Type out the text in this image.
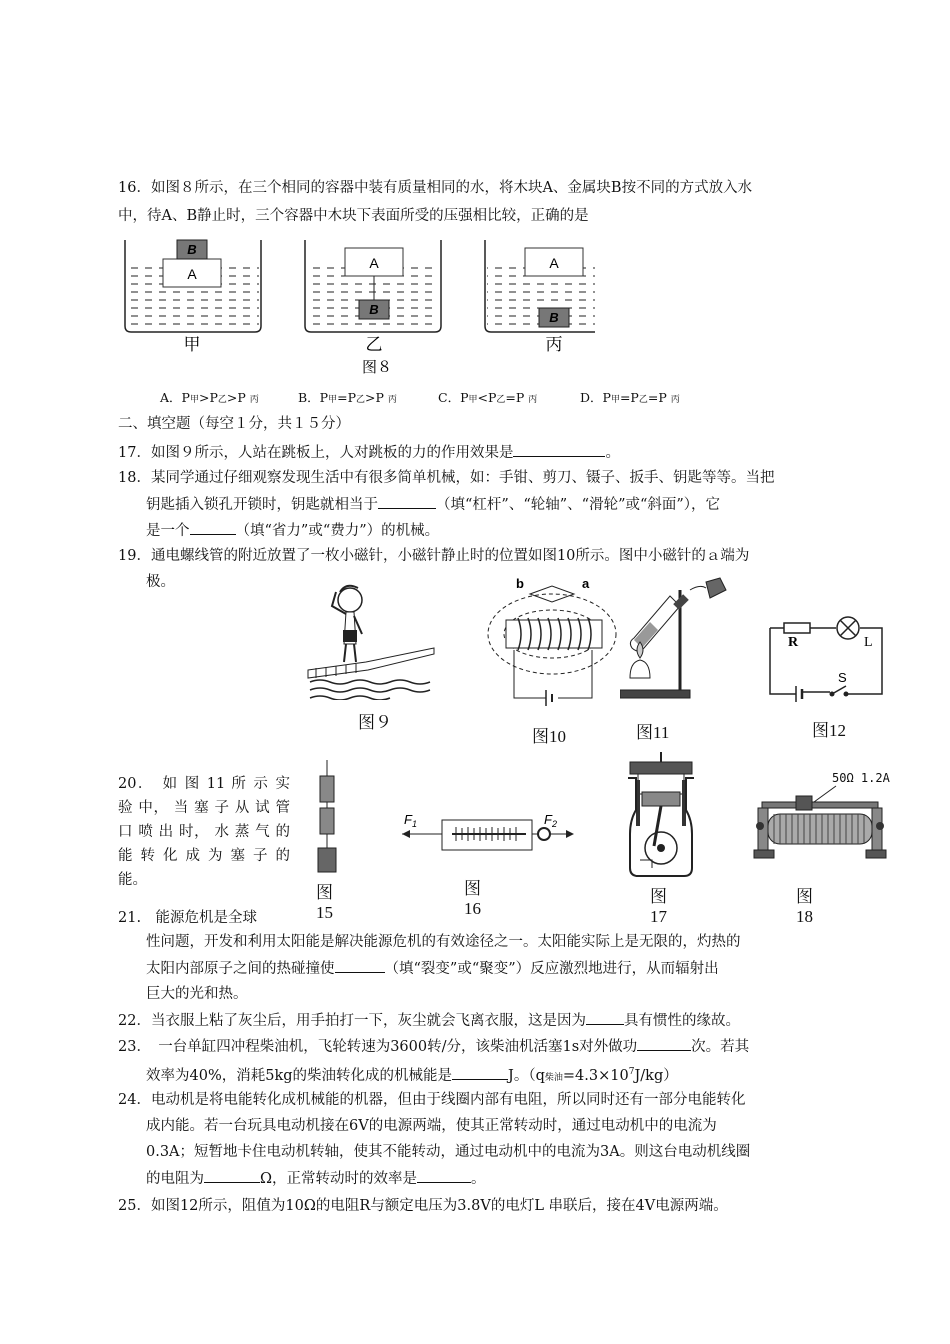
16．如图８所示，在三个相同的容器中装有质量相同的水，将木块A、金属块B按不同的方式放入水
中，待A、B静止时，三个容器中木块下表面所受的压强相比较，正确的是
A
B
A
B
A
B
甲	乙	丙
图８
A．P甲>P乙>P 丙	B．P甲=P乙>P 丙	C．P甲<P乙=P 丙	D．P甲=P乙=P 丙
二、填空题（每空１分，共１５分）
17．如图９所示，人站在跳板上，人对跳板的力的作用效果是	。
18．某同学通过仔细观察发现生活中有很多简单机械，如：手钳、剪刀、镊子、扳手、钥匙等等。当把
钥匙插入锁孔开锁时，钥匙就相当于	（填“杠杆”、“轮轴”、“滑轮”或“斜面”），它
是一个	（填“省力”或“费力”）的机械。
19．通电螺线管的附近放置了一枚小磁针，小磁针静止时的位置如图10所示。图中小磁针的ａ端为
极。
图９
b	a
图10	图11
R	L
S
图12
20．　如 图 11 所 示 实 验 中， 当 塞 子 从 试 管 口 喷 出 时， 水 蒸 气 的 能 转 化 成 为 塞 子 的 能。
图
15
$F_1$	$F_2$
图
16
图
17
50Ω 1.2A
图
18
21.　能源危机是全球
性问题，开发和利用太阳能是解决能源危机的有效途径之一。太阳能实际上是无限的，灼热的
太阳内部原子之间的热碰撞使	（填“裂变”或“聚变”）反应激烈地进行，从而辐射出
巨大的光和热。
22．当衣服上粘了灰尘后，用手拍打一下，灰尘就会飞离衣服，这是因为	具有惯性的缘故。
23．　一台单缸四冲程柴油机，飞轮转速为3600转/分，该柴油机活塞1s对外做功	次。若其
效率为40%，消耗5kg的柴油转化成的机械能是	J。（q柴油$=4.3\times 10^7J/kg$）
24．电动机是将电能转化成机械能的机器，但由于线圈内部有电阻，所以同时还有一部分电能转化
成内能。若一台玩具电动机接在6V的电源两端，使其正常转动时，通过电动机中的电流为
0.3A；短暂地卡住电动机转轴，使其不能转动，通过电动机中的电流为3A。则这台电动机线圈
的电阻为	Ω，正常转动时的效率是	。
25．如图12所示，阻值为10Ω的电阻R与额定电压为3.8V的电灯L 串联后，接在4V电源两端。
